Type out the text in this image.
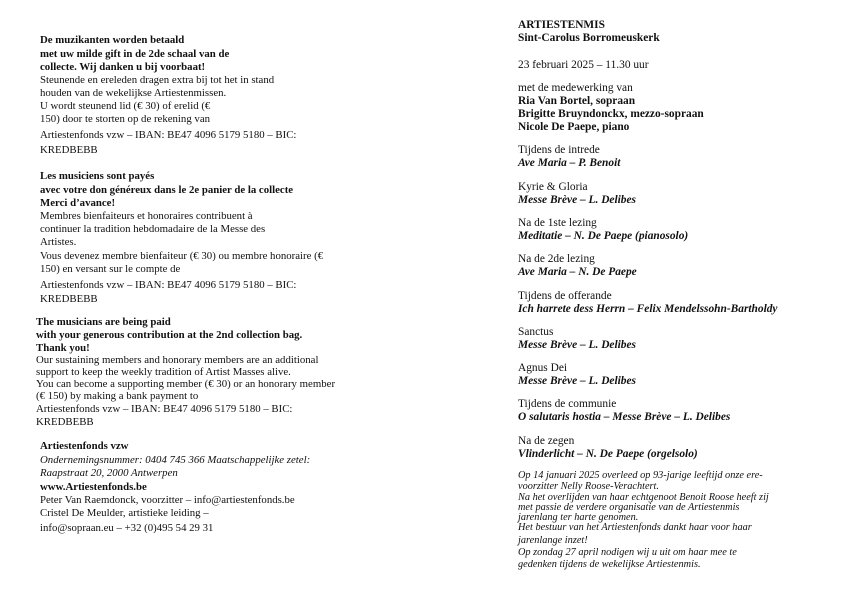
De muzikanten worden betaald
met uw milde gift in de 2de schaal van de
collecte. Wij danken u bij voorbaat!
Steunende en ereleden dragen extra bij tot het in stand
houden van de wekelijkse Artiestenmissen.
U wordt steunend lid (€ 30) of erelid (€
150) door te storten op de rekening van
Artiestenfonds vzw – IBAN: BE47 4096 5179 5180 – BIC:
KREDBEBB
Les musiciens sont payés
avec votre don généreux dans le 2e panier de la collecte
Merci d’avance!
Membres bienfaiteurs et honoraires contribuent à
continuer la tradition hebdomadaire de la Messe des
Artistes.
Vous devenez membre bienfaiteur (€ 30) ou membre honoraire (€
150) en versant sur le compte de
Artiestenfonds vzw – IBAN: BE47 4096 5179 5180 – BIC:
KREDBEBB
The musicians are being paid
with your generous contribution at the 2nd collection bag.
Thank you!
Our sustaining members and honorary members are an additional
support to keep the weekly tradition of Artist Masses alive.
You can become a supporting member (€ 30) or an honorary member
(€ 150) by making a bank payment to
Artiestenfonds vzw – IBAN: BE47 4096 5179 5180 – BIC:
KREDBEBB
Artiestenfonds vzw
Ondernemingsnummer: 0404 745 366 Maatschappelijke zetel:
Raapstraat 20, 2000 Antwerpen
www.Artiestenfonds.be
Peter Van Raemdonck, voorzitter – info@artiestenfonds.be
Cristel De Meulder, artistieke leiding –
info@sopraan.eu – +32 (0)495 54 29 31
ARTIESTENMIS
Sint-Carolus Borromeuskerk
23 februari 2025 – 11.30 uur
met de medewerking van
Ria Van Bortel, sopraan
Brigitte Bruyndonckx, mezzo-sopraan
Nicole De Paepe, piano
Tijdens de intrede
Ave Maria – P. Benoit
Kyrie & Gloria
Messe Brève – L. Delibes
Na de 1ste lezing
Meditatie – N. De Paepe (pianosolo)
Na de 2de lezing
Ave Maria – N. De Paepe
Tijdens de offerande
Ich harrete dess Herrn – Felix Mendelssohn-Bartholdy
Sanctus
Messe Brève – L. Delibes
Agnus Dei
Messe Brève – L. Delibes
Tijdens de communie
O salutaris hostia – Messe Brève – L. Delibes
Na de zegen
Vlinderlicht – N. De Paepe (orgelsolo)
Op 14 januari 2025 overleed op 93-jarige leeftijd onze ere-
voorzitter Nelly Roose-Verachtert.
Na het overlijden van haar echtgenoot Benoit Roose heeft zij
met passie de verdere organisatie van de Artiestenmis
jarenlang ter harte genomen.
Het bestuur van het Artiestenfonds dankt haar voor haar
jarenlange inzet!
Op zondag 27 april nodigen wij u uit om haar mee te
gedenken tijdens de wekelijkse Artiestenmis.
